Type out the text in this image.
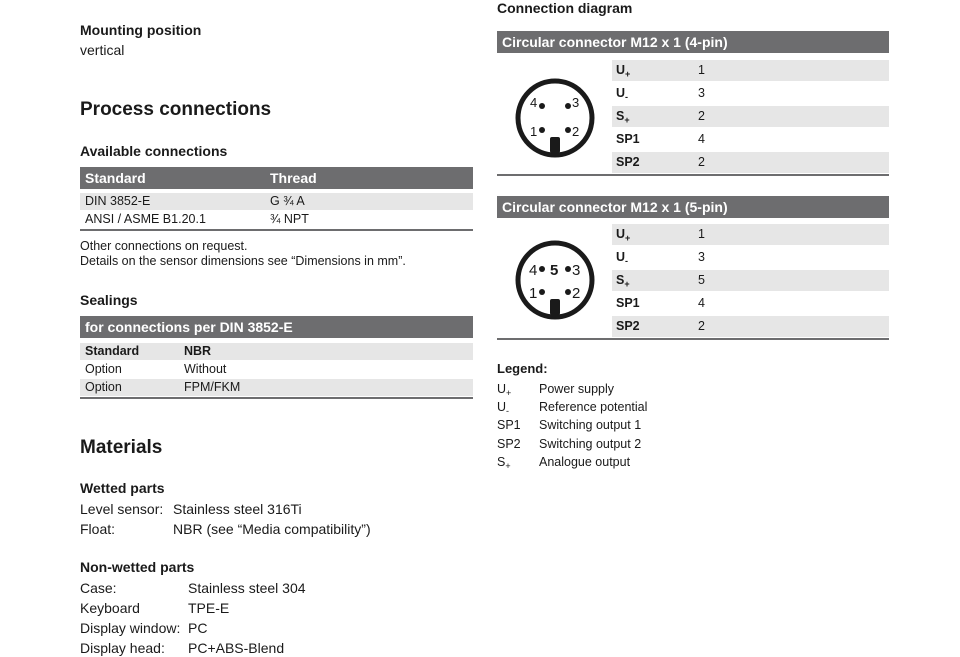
Mounting position
vertical
Process connections
Available connections
Standard	Thread
DIN 3852-E	G ¾ A
ANSI / ASME B1.20.1	¾ NPT
Other connections on request.
Details on the sensor dimensions see “Dimensions in mm”.
Sealings
for connections per DIN 3852-E
Standard	NBR
Option	Without
Option	FPM/FKM
Materials
Wetted parts
Level sensor: Stainless steel 316Ti
Float:	NBR (see “Media compatibility”)
Non-wetted parts
Case:	Stainless steel 304
Keyboard	TPE-E
Display window: PC
Display head: PC+ABS-Blend
Connection diagram
Circular connector M12 x 1 (4-pin)
4	3
1	2
$U_+$	1
$U_-$	3
$S_+$	2
SP1	4
SP2	2
Circular connector M12 x 1 (5-pin)
4 5 3
1 2
$U_+$	1
$U_-$	3
$S_+$	5
SP1	4
SP2	2
Legend:
$U_+$ Power supply
$U_-$ Reference potential
SP1 Switching output 1
SP2 Switching output 2
$S_+$ Analogue output
